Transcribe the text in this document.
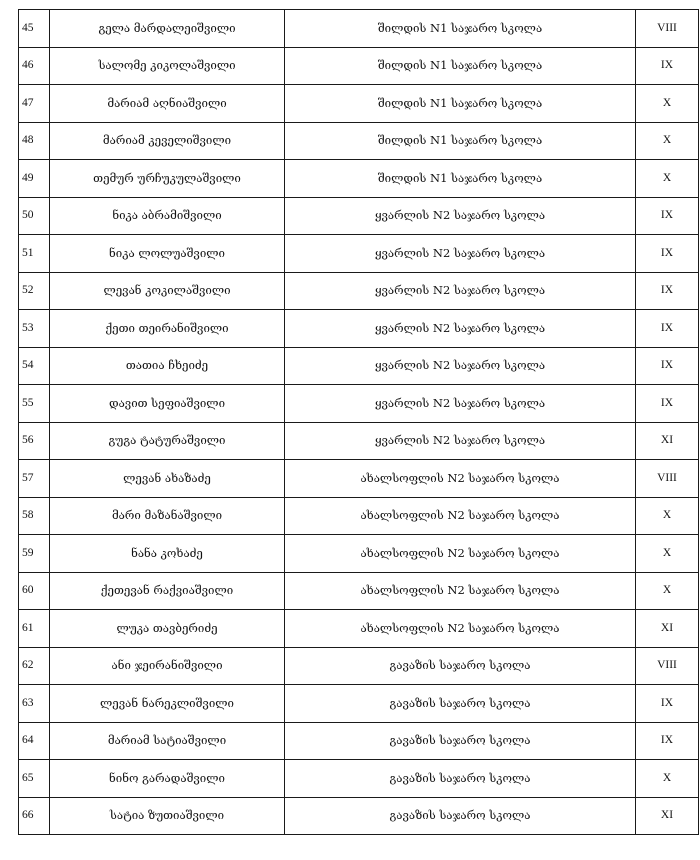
45	გელა მარდალეიშვილი	შილდის N1 საჯარო სკოლა	VIII
46	სალომე კიკოლაშვილი	შილდის N1 საჯარო სკოლა	IX
47	მარიამ აღნიაშვილი	შილდის N1 საჯარო სკოლა	X
48	მარიამ კეველიშვილი	შილდის N1 საჯარო სკოლა	X
49	თემურ ურჩუკულაშვილი	შილდის N1 საჯარო სკოლა	X
50	ნიკა აბრამიშვილი	ყვარლის N2 საჯარო სკოლა	IX
51	ნიკა ლოლუაშვილი	ყვარლის N2 საჯარო სკოლა	IX
52	ლევან კოკილაშვილი	ყვარლის N2 საჯარო სკოლა	IX
53	ქეთი თეირანიშვილი	ყვარლის N2 საჯარო სკოლა	IX
54	თათია ჩხეიძე	ყვარლის N2 საჯარო სკოლა	IX
55	დავით სეფიაშვილი	ყვარლის N2 საჯარო სკოლა	IX
56	გუგა ტატურაშვილი	ყვარლის N2 საჯარო სკოლა	XI
57	ლევან ახაზაძე	ახალსოფლის N2 საჯარო სკოლა	VIII
58	მარი მაზანაშვილი	ახალსოფლის N2 საჯარო სკოლა	X
59	ნანა კოხაძე	ახალსოფლის N2 საჯარო სკოლა	X
60	ქეთევან რაქვიაშვილი	ახალსოფლის N2 საჯარო სკოლა	X
61	ლუკა თავბერიძე	ახალსოფლის N2 საჯარო სკოლა	XI
62	ანი ჯეირანიშვილი	გავაზის საჯარო სკოლა	VIII
63	ლევან ნარეკლიშვილი	გავაზის საჯარო სკოლა	IX
64	მარიამ სატიაშვილი	გავაზის საჯარო სკოლა	IX
65	ნინო გარადაშვილი	გავაზის საჯარო სკოლა	X
66	სატია ზუთიაშვილი	გავაზის საჯარო სკოლა	XI
